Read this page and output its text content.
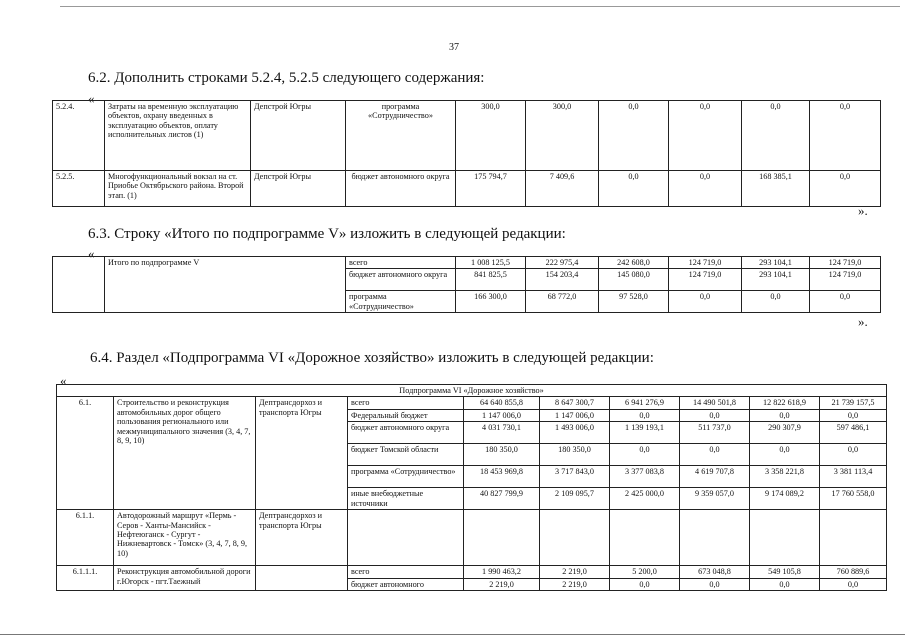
37
6.2. Дополнить строками 5.2.4, 5.2.5 следующего содержания:
«
5.2.4.	Затраты на временную эксплуатацию объектов, охрану введенных в эксплуатацию объектов, оплату исполнительных листов (1)	Депстрой Югры	программа «Сотрудничество»	300,0	300,0	0,0	0,0	0,0	0,0
5.2.5.	Многофункциональный вокзал на ст. Приобье Октябрьского района. Второй этап. (1)	Депстрой Югры	бюджет автономного округа	175 794,7	7 409,6	0,0	0,0	168 385,1	0,0
».
6.3. Строку «Итого по подпрограмме V» изложить в следующей редакции:
«
	Итого по подпрограмме V	всего	1 008 125,5	222 975,4	242 608,0	124 719,0	293 104,1	124 719,0
		бюджет автономного округа	841 825,5	154 203,4	145 080,0	124 719,0	293 104,1	124 719,0
		программа «Сотрудничество»	166 300,0	68 772,0	97 528,0	0,0	0,0	0,0
».
6.4. Раздел «Подпрограмма VI «Дорожное хозяйство» изложить в следующей редакции:
«
Подпрограмма VI «Дорожное хозяйство»									
6.1.	Строительство и реконструкция автомобильных дорог общего пользования регионального или межмуниципального значения (3, 4, 7, 8, 9, 10)	Дептрансдорхоз и транспорта Югры	всего	64 640 855,8	8 647 300,7	6 941 276,9	14 490 501,8	12 822 618,9	21 739 157,5
			Федеральный бюджет	1 147 006,0	1 147 006,0	0,0	0,0	0,0	0,0
			бюджет автономного округа	4 031 730,1	1 493 006,0	1 139 193,1	511 737,0	290 307,9	597 486,1
			бюджет Томской области	180 350,0	180 350,0	0,0	0,0	0,0	0,0
			программа «Сотрудничество»	18 453 969,8	3 717 843,0	3 377 083,8	4 619 707,8	3 358 221,8	3 381 113,4
			иные внебюджетные источники	40 827 799,9	2 109 095,7	2 425 000,0	9 359 057,0	9 174 089,2	17 760 558,0
6.1.1.	Автодорожный маршрут «Пермь - Серов - Ханты-Мансийск - Нефтеюганск - Сургут - Нижневартовск - Томск» (3, 4, 7, 8, 9, 10)	Дептрансдорхоз и транспорта Югры							
6.1.1.1.	Реконструкция автомобильной дороги г.Югорск - пгт.Таежный		всего	1 990 463,2	2 219,0	5 200,0	673 048,8	549 105,8	760 889,6
			бюджет автономного	2 219,0	2 219,0	0,0	0,0	0,0	0,0
